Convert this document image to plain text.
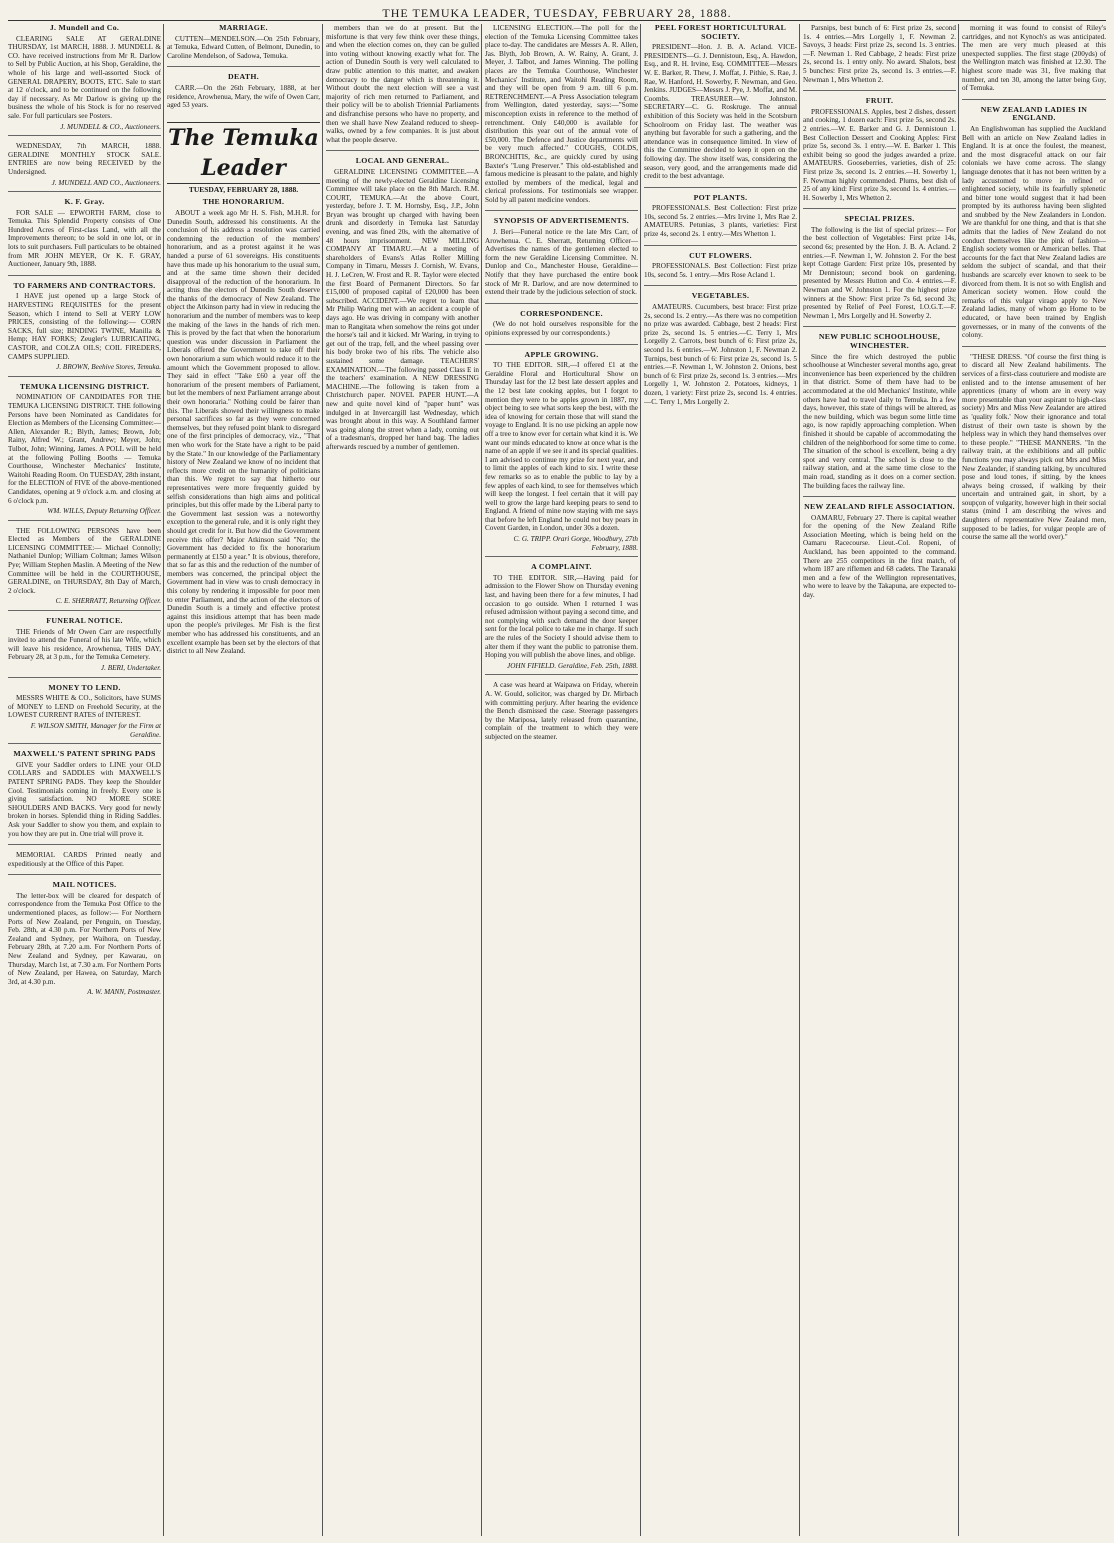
THE TEMUKA LEADER, TUESDAY, FEBRUARY 28, 1888.
J. Mundell and Co.
CLEARING SALE AT GERALDINE THURSDAY, 1st MARCH, 1888. J. MUNDELL & CO. have received instructions from Mr R. Darlow to Sell by Public Auction, at his Shop, Geraldine, the whole of his large and well-assorted Stock of GENERAL DRAPERY, BOOTS, ETC. Sale to start at 12 o'clock, and to be continued on the following day if necessary. As Mr Darlow is giving up the business the whole of his Stock is for no reserved sale. For full particulars see Posters.
J. MUNDELL & CO., Auctioneers.
WEDNESDAY, 7th MARCH, 1888. GERALDINE MONTHLY STOCK SALE. ENTRIES are now being RECEIVED by the Undersigned.
J. MUNDELL AND CO., Auctioneers.
K. F. Gray.
FOR SALE — EPWORTH FARM, close to Temuka. This Splendid Property consists of One Hundred Acres of First-class Land, with all the Improvements thereon; to be sold in one lot, or in lots to suit purchasers. Full particulars to be obtained from MR JOHN MEYER, Or K. F. GRAY, Auctioneer, January 9th, 1888.
TO FARMERS AND CONTRACTORS.
I HAVE just opened up a large Stock of HARVESTING REQUISITES for the present Season, which I intend to Sell at VERY LOW PRICES, consisting of the following:— CORN SACKS, full size; BINDING TWINE, Manilla & Hemp; HAY FORKS; Zeugler's LUBRICATING, CASTOR, and COLZA OILS; COIL FIREDERS, CAMPS SUPPLIED.
J. BROWN, Beehive Stores, Temuka.
TEMUKA LICENSING DISTRICT.
NOMINATION OF CANDIDATES FOR THE TEMUKA LICENSING DISTRICT. THE following Persons have been Nominated as Candidates for Election as Members of the Licensing Committee:— Allen, Alexander R.; Blyth, James; Brown, Job; Rainy, Alfred W.; Grant, Andrew; Meyer, John; Tulbot, John; Winning, James. A POLL will be held at the following Polling Booths — Temuka Courthouse, Winchester Mechanics' Institute, Waitohi Reading Room. On TUESDAY, 28th instant, for the ELECTION of FIVE of the above-mentioned Candidates, opening at 9 o'clock a.m. and closing at 6 o'clock p.m.
WM. WILLS, Deputy Returning Officer.
THE FOLLOWING PERSONS have been Elected as Members of the GERALDINE LICENSING COMMITTEE:— Michael Connolly; Nathaniel Dunlop; William Coltman; James Wilson Pye; William Stephen Maslin. A Meeting of the New Committee will be held in the COURTHOUSE, GERALDINE, on THURSDAY, 8th Day of March, 2 o'clock.
C. E. SHERRATT, Returning Officer.
FUNERAL NOTICE.
THE Friends of Mr Owen Carr are respectfully invited to attend the Funeral of his late Wife, which will leave his residence, Arowhenua, THIS DAY, February 28, at 3 p.m., for the Temuka Cemetery.
J. BERI, Undertaker.
MONEY TO LEND.
MESSRS WHITE & CO., Solicitors, have SUMS of MONEY to LEND on Freehold Security, at the LOWEST CURRENT RATES of INTEREST.
F. WILSON SMITH, Manager for the Firm at Geraldine.
MAXWELL'S PATENT SPRING PADS
GIVE your Saddler orders to LINE your OLD COLLARS and SADDLES with MAXWELL'S PATENT SPRING PADS. They keep the Shoulder Cool. Testimonials coming in freely. Every one is giving satisfaction. NO MORE SORE SHOULDERS AND BACKS. Very good for newly broken in horses. Splendid thing in Riding Saddles. Ask your Saddler to show you them, and explain to you how they are put in. One trial will prove it.
MEMORIAL CARDS Printed neatly and expeditiously at the Office of this Paper.
MAIL NOTICES.
The letter-box will be cleared for despatch of correspondence from the Temuka Post Office to the undermentioned places, as follow:— For Northern Ports of New Zealand, per Penguin, on Tuesday, Feb. 28th, at 4.30 p.m. For Northern Ports of New Zealand and Sydney, per Waihora, on Tuesday, February 28th, at 7.20 a.m. For Northern Ports of New Zealand and Sydney, per Kawarau, on Thursday, March 1st, at 7.30 a.m. For Northern Ports of New Zealand, per Hawea, on Saturday, March 3rd, at 4.30 p.m.
A. W. MANN, Postmaster.
MARRIAGE.
CUTTEN—MENDELSON.—On 25th February, at Temuka, Edward Cutten, of Belmont, Dunedin, to Caroline Mendelson, of Sadowa, Temuka.
DEATH.
CARR.—On the 26th February, 1888, at her residence, Arowhenua, Mary, the wife of Owen Carr, aged 53 years.
The Temuka Leader
TUESDAY, FEBRUARY 28, 1888.
THE HONORARIUM.
ABOUT a week ago Mr H. S. Fish, M.H.R. for Dunedin South, addressed his constituents. At the conclusion of his address a resolution was carried condemning the reduction of the members' honorarium, and as a protest against it he was handed a purse of 61 sovereigns. His constituents have thus made up his honorarium to the usual sum, and at the same time shown their decided disapproval of the reduction of the honorarium. In acting thus the electors of Dunedin South deserve the thanks of the democracy of New Zealand. The object the Atkinson party had in view in reducing the honorarium and the number of members was to keep the making of the laws in the hands of rich men. This is proved by the fact that when the honorarium question was under discussion in Parliament the Liberals offered the Government to take off their own honorarium a sum which would reduce it to the amount which the Government proposed to allow. They said in effect "Take £60 a year off the honorarium of the present members of Parliament, but let the members of next Parliament arrange about their own honoraria." Nothing could be fairer than this. The Liberals showed their willingness to make personal sacrifices so far as they were concerned themselves, but they refused point blank to disregard one of the first principles of democracy, viz., "That men who work for the State have a right to be paid by the State." In our knowledge of the Parliamentary history of New Zealand we know of no incident that reflects more credit on the humanity of politicians than this. We regret to say that hitherto our representatives were more frequently guided by selfish considerations than high aims and political principles, but this offer made by the Liberal party to the Government last session was a noteworthy exception to the general rule, and it is only right they should get credit for it. But how did the Government receive this offer? Major Atkinson said "No; the Government has decided to fix the honorarium permanently at £150 a year." It is obvious, therefore, that so far as this and the reduction of the number of members was concerned, the principal object the Government had in view was to crush democracy in this colony by rendering it impossible for poor men to enter Parliament, and the action of the electors of Dunedin South is a timely and effective protest against this insidious attempt that has been made upon the people's privileges. Mr Fish is the first member who has addressed his constituents, and an excellent example has been set by the electors of that district to all New Zealand.
members than we do at present. But the misfortune is that very few think over these things, and when the election comes on, they can be gulled into voting without knowing exactly what for. The action of Dunedin South is very well calculated to draw public attention to this matter, and awaken democracy to the danger which is threatening it. Without doubt the next election will see a vast majority of rich men returned to Parliament, and their policy will be to abolish Triennial Parliaments and disfranchise persons who have no property, and then we shall have New Zealand reduced to sheep-walks, owned by a few companies. It is just about what the people deserve.
LOCAL AND GENERAL.
GERALDINE LICENSING COMMITTEE.—A meeting of the newly-elected Geraldine Licensing Committee will take place on the 8th March. R.M. COURT, TEMUKA.—At the above Court, yesterday, before J. T. M. Hornsby, Esq., J.P., John Bryan was brought up charged with having been drunk and disorderly in Temuka last Saturday evening, and was fined 20s, with the alternative of 48 hours imprisonment. NEW MILLING COMPANY AT TIMARU.—At a meeting of shareholders of Evans's Atlas Roller Milling Company in Timaru, Messrs J. Cornish, W. Evans, H. J. LeCren, W. Frost and R. R. Taylor were elected the first Board of Permanent Directors. So far £15,000 of proposed capital of £20,000 has been subscribed. ACCIDENT.—We regret to learn that Mr Philip Waring met with an accident a couple of days ago. He was driving in company with another man to Rangitata when somehow the reins got under the horse's tail and it kicked. Mr Waring, in trying to get out of the trap, fell, and the wheel passing over his body broke two of his ribs. The vehicle also sustained some damage. TEACHERS' EXAMINATION.—The following passed Class E in the teachers' examination. A NEW DRESSING MACHINE.—The following is taken from a Christchurch paper. NOVEL PAPER HUNT.—A new and quite novel kind of "paper hunt" was indulged in at Invercargill last Wednesday, which was brought about in this way. A Southland farmer was going along the street when a lady, coming out of a tradesman's, dropped her hand bag. The ladies afterwards rescued by a number of gentlemen.
LICENSING ELECTION.—The poll for the election of the Temuka Licensing Committee takes place to-day. The candidates are Messrs A. R. Allen, Jas. Blyth, Job Brown, A. W. Rainy, A. Grant, J. Meyer, J. Talbot, and James Winning. The polling places are the Temuka Courthouse, Winchester Mechanics' Institute, and Waitohi Reading Room, and they will be open from 9 a.m. till 6 p.m. RETRENCHMENT.—A Press Association telegram from Wellington, dated yesterday, says:—"Some misconception exists in reference to the method of retrenchment. Only £40,000 is available for distribution this year out of the annual vote of £50,000. The Defence and Justice departments will be very much affected." COUGHS, COLDS, BRONCHITIS, &c., are quickly cured by using Baxter's "Lung Preserver." This old-established and famous medicine is pleasant to the palate, and highly extolled by members of the medical, legal and clerical professions. For testimonials see wrapper. Sold by all patent medicine vendors.
SYNOPSIS OF ADVERTISEMENTS.
J. Beri—Funeral notice re the late Mrs Carr, of Arowhenua. C. E. Sherratt, Returning Officer—Advertises the names of the gentlemen elected to form the new Geraldine Licensing Committee. N. Dunlop and Co., Manchester House, Geraldine—Notify that they have purchased the entire book stock of Mr R. Darlow, and are now determined to extend their trade by the judicious selection of stock.
CORRESPONDENCE.
(We do not hold ourselves responsible for the opinions expressed by our correspondents.)
APPLE GROWING.
TO THE EDITOR. SIR,—I offered £1 at the Geraldine Floral and Horticultural Show on Thursday last for the 12 best late dessert apples and the 12 best late cooking apples, but I forgot to mention they were to be apples grown in 1887, my object being to see what sorts keep the best, with the idea of knowing for certain those that will stand the voyage to England. It is no use picking an apple now off a tree to know ever for certain what kind it is. We want our minds educated to know at once what is the name of an apple if we see it and its special qualities. I am advised to continue my prize for next year, and to limit the apples of each kind to six. I write these few remarks so as to enable the public to lay by a few apples of each kind, to see for themselves which will keep the longest. I feel certain that it will pay well to grow the large hard keeping pears to send to England. A friend of mine now staying with me says that before he left England he could not buy pears in Covent Garden, in London, under 30s a dozen.
C. G. TRIPP. Orari Gorge, Woodbury, 27th February, 1888.
A COMPLAINT.
TO THE EDITOR. SIR,—Having paid for admission to the Flower Show on Thursday evening last, and having been there for a few minutes, I had occasion to go outside. When I returned I was refused admission without paying a second time, and not complying with such demand the door keeper sent for the local police to take me in charge. If such are the rules of the Society I should advise them to alter them if they want the public to patronise them. Hoping you will publish the above lines, and oblige.
JOHN FIFIELD. Geraldine, Feb. 25th, 1888.
A case was heard at Waipawa on Friday, wherein A. W. Gould, solicitor, was charged by Dr. Mirbach with committing perjury. After hearing the evidence the Bench dismissed the case. Steerage passengers by the Mariposa, lately released from quarantine, complain of the treatment to which they were subjected on the steamer.
PEEL FOREST HORTICULTURAL SOCIETY.
PRESIDENT—Hon. J. B. A. Acland. VICE-PRESIDENTS—G. J. Dennistoun, Esq., A. Hawdon, Esq., and R. H. Irvine, Esq. COMMITTEE—Messrs W. E. Barker, R. Thew, J. Moffat, J. Pithie, S. Rae, J. Rae, W. Hanford, H. Sowerby, F. Newman, and Geo. Jenkins. JUDGES—Messrs J. Pye, J. Moffat, and M. Coombs. TREASURER—W. Johnston. SECRETARY—C. G. Roskruge. The annual exhibition of this Society was held in the Scotsburn Schoolroom on Friday last. The weather was anything but favorable for such a gathering, and the attendance was in consequence limited. In view of this the Committee decided to keep it open on the following day. The show itself was, considering the season, very good, and the arrangements made did credit to the best advantage.
POT PLANTS.
PROFESSIONALS. Best Collection: First prize 10s, second 5s. 2 entries.—Mrs Irvine 1, Mrs Rae 2. AMATEURS. Petunias, 3 plants, varieties: First prize 4s, second 2s. 1 entry.—Mrs Whetton 1.
CUT FLOWERS.
PROFESSIONALS. Best Collection: First prize 10s, second 5s. 1 entry.—Mrs Rose Acland 1.
VEGETABLES.
AMATEURS. Cucumbers, best brace: First prize 2s, second 1s. 2 entry.—As there was no competition no prize was awarded. Cabbage, best 2 heads: First prize 2s, second 1s. 5 entries.—C. Terry 1, Mrs Lorgelly 2. Carrots, best bunch of 6: First prize 2s, second 1s. 6 entries.—W. Johnston 1, F. Newman 2. Turnips, best bunch of 6: First prize 2s, second 1s. 5 entries.—F. Newman 1, W. Johnston 2. Onions, best bunch of 6: First prize 2s, second 1s. 3 entries.—Mrs Lorgelly 1, W. Johnston 2. Potatoes, kidneys, 1 dozen, 1 variety: First prize 2s, second 1s. 4 entries.—C. Terry 1, Mrs Lorgelly 2.
Parsnips, best bunch of 6: First prize 2s, second 1s. 4 entries.—Mrs Lorgelly 1, F. Newman 2. Savoys, 3 heads: First prize 2s, second 1s. 3 entries.—F. Newman 1. Red Cabbage, 2 heads: First prize 2s, second 1s. 1 entry only. No award. Shalots, best 5 bunches: First prize 2s, second 1s. 3 entries.—F. Newman 1, Mrs Whetton 2.
FRUIT.
PROFESSIONALS. Apples, best 2 dishes, dessert and cooking, 1 dozen each: First prize 5s, second 2s. 2 entries.—W. E. Barker and G. J. Dennistoun 1. Best Collection Dessert and Cooking Apples: First prize 5s, second 3s. 1 entry.—W. E. Barker 1. This exhibit being so good the judges awarded a prize. AMATEURS. Gooseberries, varieties, dish of 25: First prize 3s, second 1s. 2 entries.—H. Sowerby 1, F. Newman highly commended. Plums, best dish of 25 of any kind: First prize 3s, second 1s. 4 entries.—H. Sowerby 1, Mrs Whetton 2.
SPECIAL PRIZES.
The following is the list of special prizes:— For the best collection of Vegetables: First prize 14s, second 6s; presented by the Hon. J. B. A. Acland. 2 entries.—F. Newman 1, W. Johnston 2. For the best kept Cottage Garden: First prize 10s, presented by Mr Dennistoun; second book on gardening, presented by Messrs Hutton and Co. 4 entries.—F. Newman and W. Johnston 1. For the highest prize winners at the Show: First prize 7s 6d, second 3s; presented by Relief of Peel Forest, I.O.G.T.—F. Newman 1, Mrs Lorgelly and H. Sowerby 2.
NEW PUBLIC SCHOOLHOUSE, WINCHESTER.
Since the fire which destroyed the public schoolhouse at Winchester several months ago, great inconvenience has been experienced by the children in that district. Some of them have had to be accommodated at the old Mechanics' Institute, while others have had to travel daily to Temuka. In a few days, however, this state of things will be altered, as the new building, which was begun some little time ago, is now rapidly approaching completion. When finished it should be capable of accommodating the children of the neighborhood for some time to come. The situation of the school is excellent, being a dry spot and very central. The school is close to the railway station, and at the same time close to the main road, standing as it does on a corner section. The building faces the railway line.
NEW ZEALAND RIFLE ASSOCIATION.
OAMARU, February 27. There is capital weather for the opening of the New Zealand Rifle Association Meeting, which is being held on the Oamaru Racecourse. Lieut.-Col. Ropeni, of Auckland, has been appointed to the command. There are 255 competitors in the first match, of whom 187 are riflemen and 68 cadets. The Taranaki men and a few of the Wellington representatives, who were to leave by the Takapuna, are expected to-day.
morning it was found to consist of Riley's cartridges, and not Kynoch's as was anticipated. The men are very much pleased at this unexpected supplies. The first stage (200yds) of the Wellington match was finished at 12.30. The highest score made was 31, five making that number, and ten 30, among the latter being Guy, of Temuka.
NEW ZEALAND LADIES IN ENGLAND.
An Englishwoman has supplied the Auckland Bell with an article on New Zealand ladies in England. It is at once the foulest, the meanest, and the most disgraceful attack on our fair colonials we have come across. The slangy language denotes that it has not been written by a lady accustomed to move in refined or enlightened society, while its fearfully splenetic and bitter tone would suggest that it had been prompted by its authoress having been slighted and snubbed by the New Zealanders in London. We are thankful for one thing, and that is that she admits that the ladies of New Zealand do not conduct themselves like the pink of fashion—English society women or American belles. That accounts for the fact that New Zealand ladies are seldom the subject of scandal, and that their husbands are scarcely ever known to seek to be divorced from them. It is not so with English and American society women. How could the remarks of this vulgar virago apply to New Zealand ladies, many of whom go Home to be educated, or have been trained by English governesses, or in many of the convents of the colony.
"THESE DRESS. "Of course the first thing is to discard all New Zealand habiliments. The services of a first-class couturiere and modiste are enlisted and to the intense amusement of her apprentices (many of whom are in every way more presentable than your aspirant to high-class society) Mrs and Miss New Zealander are attired as 'quality folk.' Now their ignorance and total distrust of their own taste is shown by the helpless way in which they hand themselves over to these people." "THESE MANNERS. "In the railway train, at the exhibitions and all public functions you may always pick out Mrs and Miss New Zealander, if standing talking, by uncultured pose and loud tones, if sitting, by the knees always being crossed, if walking by their uncertain and untrained gait, in short, by a soupçon of vulgarity, however high in their social status (mind I am describing the wives and daughters of representative New Zealand men, supposed to be ladies, for vulgar people are of course the same all the world over)."
